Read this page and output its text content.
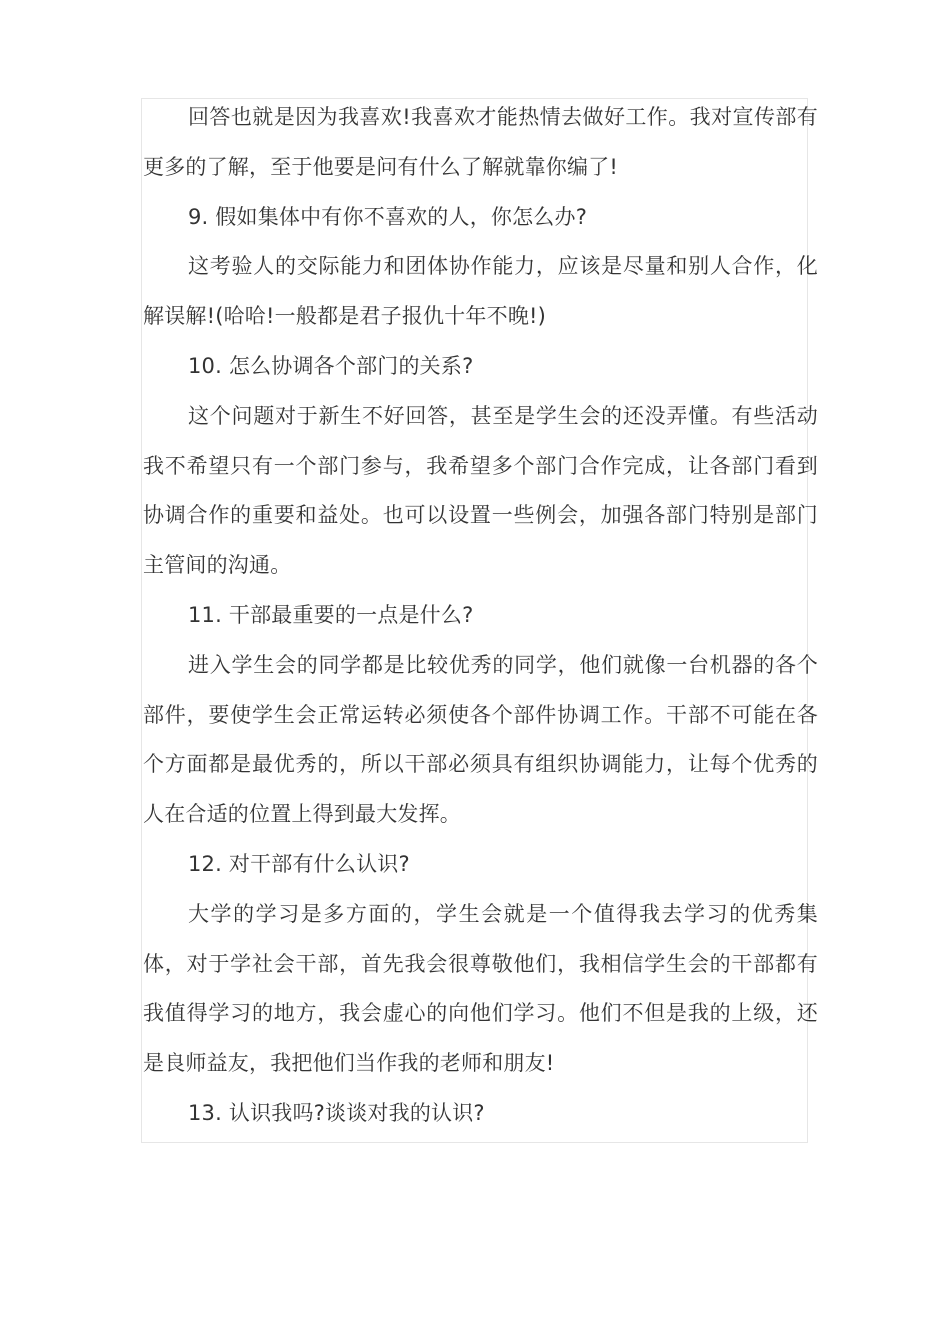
回答也就是因为我喜欢!我喜欢才能热情去做好工作。我对宣传部有更多的了解，至于他要是问有什么了解就靠你编了!

9. 假如集体中有你不喜欢的人，你怎么办?

这考验人的交际能力和团体协作能力，应该是尽量和别人合作，化解误解!(哈哈!一般都是君子报仇十年不晚!)

10. 怎么协调各个部门的关系?

这个问题对于新生不好回答，甚至是学生会的还没弄懂。有些活动我不希望只有一个部门参与，我希望多个部门合作完成，让各部门看到协调合作的重要和益处。也可以设置一些例会，加强各部门特别是部门主管间的沟通。

11. 干部最重要的一点是什么?

进入学生会的同学都是比较优秀的同学，他们就像一台机器的各个部件，要使学生会正常运转必须使各个部件协调工作。干部不可能在各个方面都是最优秀的，所以干部必须具有组织协调能力，让每个优秀的人在合适的位置上得到最大发挥。

12. 对干部有什么认识?

大学的学习是多方面的，学生会就是一个值得我去学习的优秀集体，对于学社会干部，首先我会很尊敬他们，我相信学生会的干部都有我值得学习的地方，我会虚心的向他们学习。他们不但是我的上级，还是良师益友，我把他们当作我的老师和朋友!

13. 认识我吗?谈谈对我的认识?
